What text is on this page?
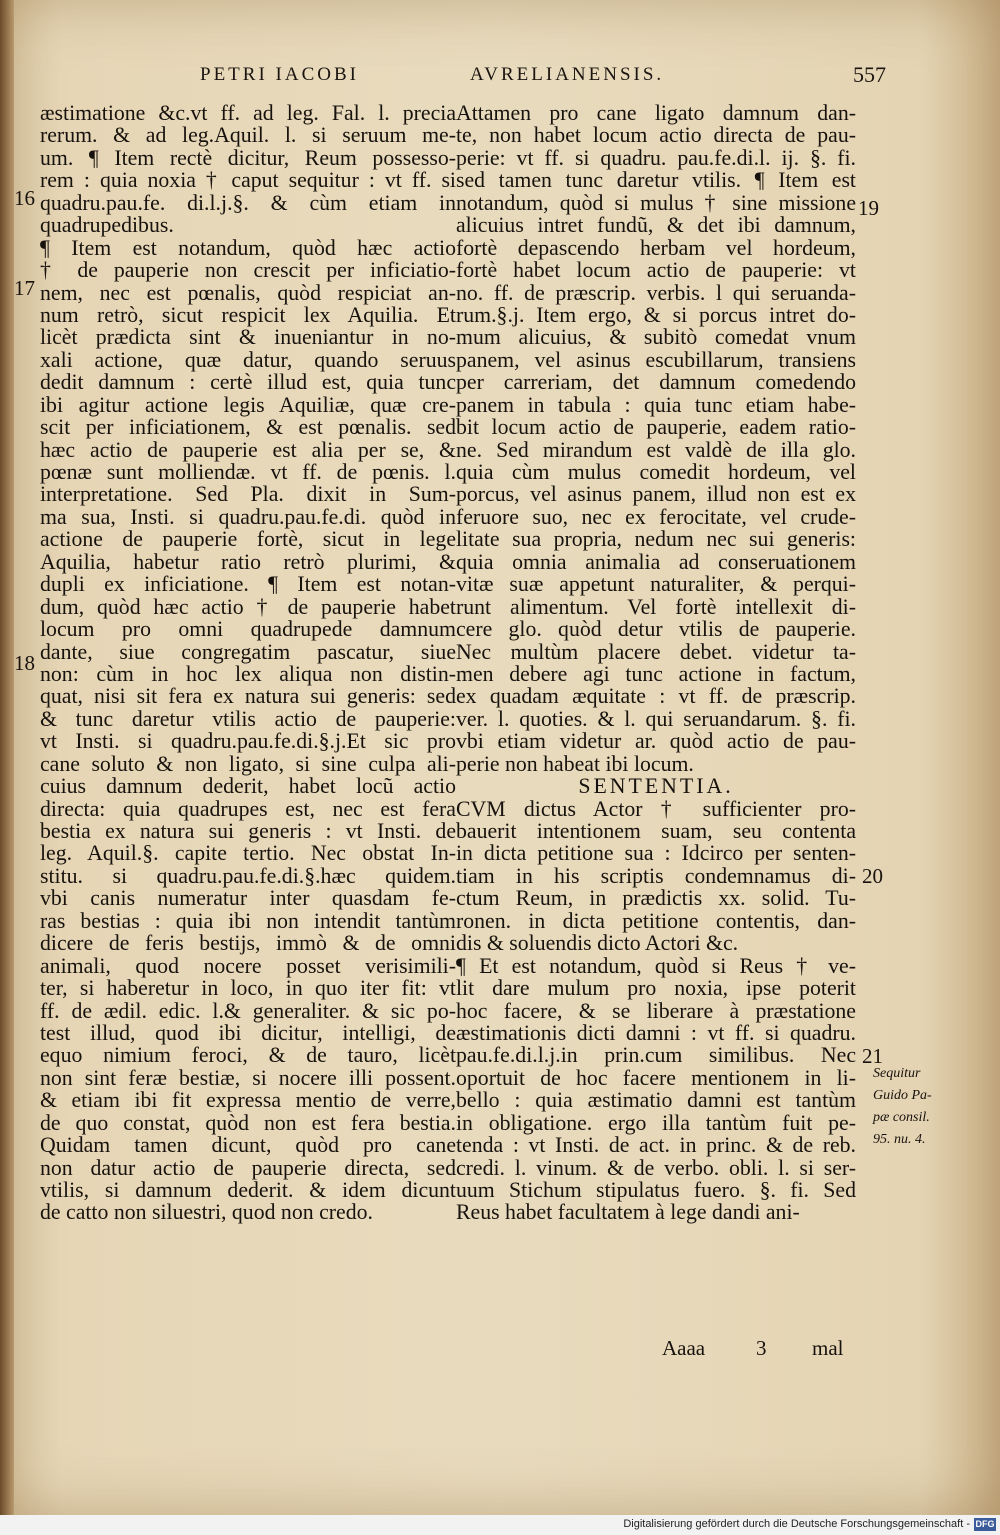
PETRI IACOBI	AVRELIANENSIS.	557
æstimatione &c.vt ff. ad leg. Fal. l. precia
rerum. & ad leg.Aquil. l. si seruum me-
um. ¶ Item rectè dicitur, Reum possesso-
rem : quia noxia † caput sequitur : vt ff. si
quadru.pau.fe. di.l.j.§. & cùm etiam in
quadrupedibus.
¶ Item est notandum, quòd hæc actio
† de pauperie non crescit per inficiatio-
nem, nec est pœnalis, quòd respiciat an-
num retrò, sicut respicit lex Aquilia. Et
licèt prædicta sint & inueniantur in no-
xali actione, quæ datur, quando seruus
dedit damnum : certè illud est, quia tunc
ibi agitur actione legis Aquiliæ, quæ cre-
scit per inficiationem, & est pœnalis. sed
hæc actio de pauperie est alia per se, &
pœnæ sunt molliendæ. vt ff. de pœnis. l.
interpretatione. Sed Pla. dixit in Sum-
ma sua, Insti. si quadru.pau.fe.di. quòd in
actione de pauperie fortè, sicut in lege
Aquilia, habetur ratio retrò plurimi, &
dupli ex inficiatione. ¶ Item est notan-
dum, quòd hæc actio † de pauperie habet
locum pro omni quadrupede damnum
dante, siue congregatim pascatur, siue
non: cùm in hoc lex aliqua non distin-
quat, nisi sit fera ex natura sui generis: sed
& tunc daretur vtilis actio de pauperie:
vt Insti. si quadru.pau.fe.di.§.j.Et sic pro
cane soluto & non ligato, si sine culpa ali-
cuius damnum dederit, habet locũ actio
directa: quia quadrupes est, nec est fera
bestia ex natura sui generis : vt Insti. de
leg. Aquil.§. capite tertio. Nec obstat In-
stitu. si quadru.pau.fe.di.§.hæc quidem.
vbi canis numeratur inter quasdam fe-
ras bestias : quia ibi non intendit tantùm
dicere de feris bestijs, immò & de omni
animali, quod nocere posset verisimili-
ter, si haberetur in loco, in quo iter fit: vt
ff. de ædil. edic. l.& generaliter. & sic po-
test illud, quod ibi dicitur, intelligi, de
equo nimium feroci, & de tauro, licèt
non sint feræ bestiæ, si nocere illi possent.
& etiam ibi fit expressa mentio de verre,
de quo constat, quòd non est fera bestia.
Quidam tamen dicunt, quòd pro cane
non datur actio de pauperie directa, sed
vtilis, si damnum dederit. & idem dicunt
de catto non siluestri, quod non credo.
Attamen pro cane ligato damnum dan-
te, non habet locum actio directa de pau-
perie: vt ff. si quadru. pau.fe.di.l. ij. §. fi.
sed tamen tunc daretur vtilis. ¶ Item est
notandum, quòd si mulus † sine missione
alicuius intret fundũ, & det ibi damnum,
fortè depascendo herbam vel hordeum,
fortè habet locum actio de pauperie: vt
no. ff. de præscrip. verbis. l qui seruanda-
rum.§.j. Item ergo, & si porcus intret do-
mum alicuius, & subitò comedat vnum
panem, vel asinus escubillarum, transiens
per carreriam, det damnum comedendo
panem in tabula : quia tunc etiam habe-
bit locum actio de pauperie, eadem ratio-
ne. Sed mirandum est valdè de illa glo.
quia cùm mulus comedit hordeum, vel
porcus, vel asinus panem, illud non est ex
feruore suo, nec ex ferocitate, vel crude-
litate sua propria, nedum nec sui generis:
quia omnia animalia ad conseruationem
vitæ suæ appetunt naturaliter, & perqui-
runt alimentum. Vel fortè intellexit di-
cere glo. quòd detur vtilis de pauperie.
Nec multùm placere debet. videtur ta-
men debere agi tunc actione in factum,
ex quadam æquitate : vt ff. de præscrip.
ver. l. quoties. & l. qui seruandarum. §. fi.
vbi etiam videtur ar. quòd actio de pau-
perie non habeat ibi locum.
SENTENTIA.
CVM dictus Actor † sufficienter pro-
bauerit intentionem suam, seu contenta
in dicta petitione sua : Idcirco per senten-
tiam in his scriptis condemnamus di-
ctum Reum, in prædictis xx. solid. Tu-
ronen. in dicta petitione contentis, dan-
dis & soluendis dicto Actori &c.
¶ Et est notandum, quòd si Reus † ve-
lit dare mulum pro noxia, ipse poterit
hoc facere, & se liberare à præstatione
æstimationis dicti damni : vt ff. si quadru.
pau.fe.di.l.j.in prin.cum similibus. Nec
oportuit de hoc facere mentionem in li-
bello : quia æstimatio damni est tantùm
in obligatione. ergo illa tantùm fuit pe-
tenda : vt Insti. de act. in princ. & de reb.
credi. l. vinum. & de verbo. obli. l. si ser-
uum Stichum stipulatus fuero. §. fi. Sed
Reus habet facultatem à lege dandi ani-
16
17
18
19
20
21
Sequitur
Guido Pa-
pæ consil.
95. nu. 4.
Aaaa 3 mal
Digitalisierung gefördert durch die Deutsche Forschungsgemeinschaft - DFG
